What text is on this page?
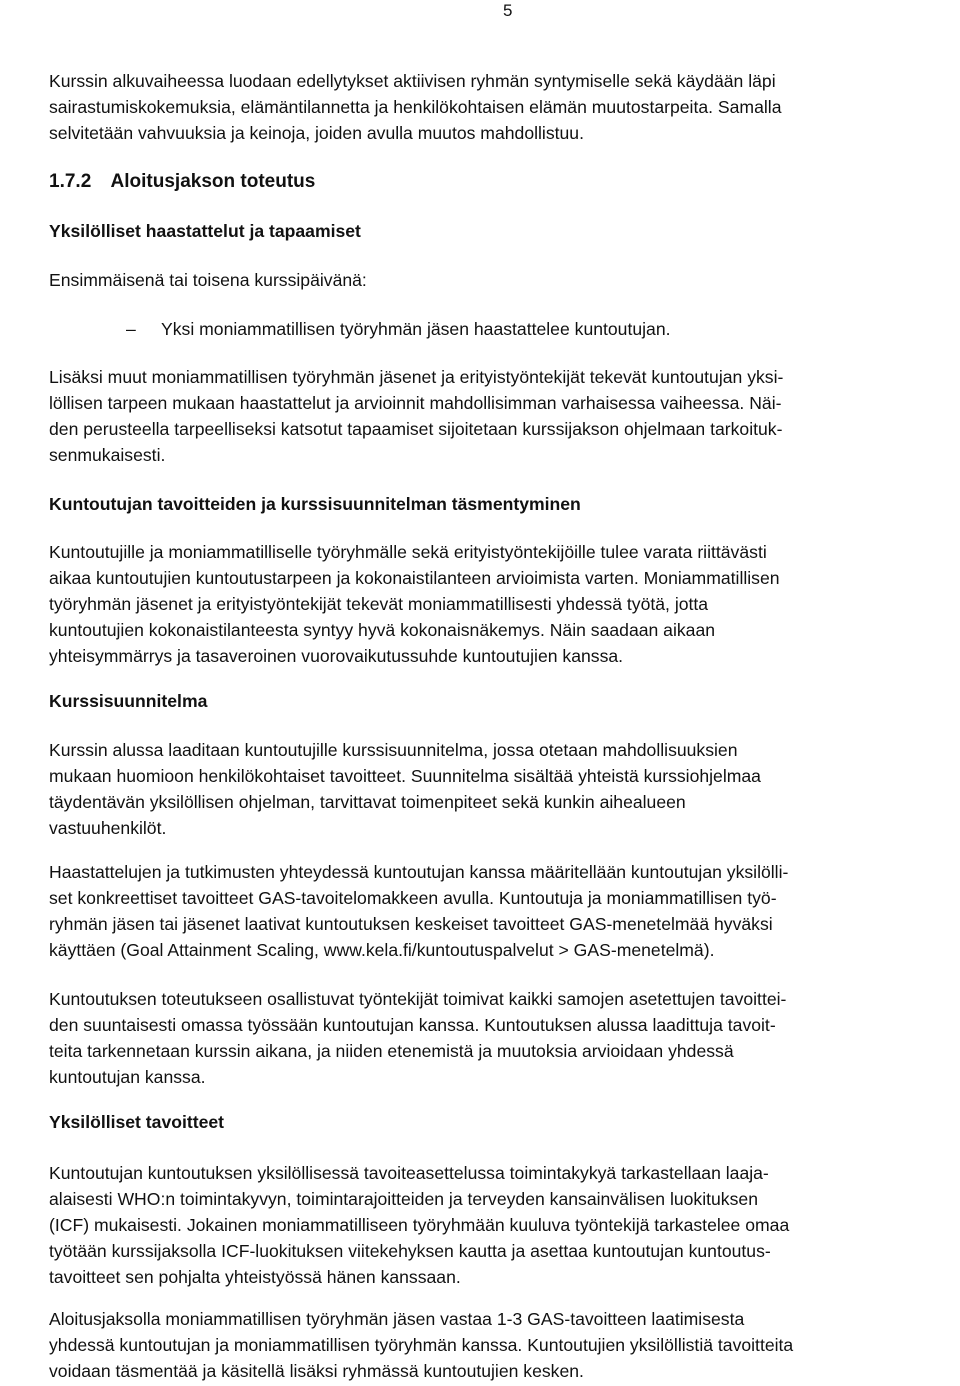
5
Kurssin alkuvaiheessa luodaan edellytykset aktiivisen ryhmän syntymiselle sekä käydään läpi
sairastumiskokemuksia, elämäntilannetta ja henkilökohtaisen elämän muutostarpeita. Samalla
selvitetään vahvuuksia ja keinoja, joiden avulla muutos mahdollistuu.
1.7.2 Aloitusjakson toteutus
Yksilölliset haastattelut ja tapaamiset
Ensimmäisenä tai toisena kurssipäivänä:
– Yksi moniammatillisen työryhmän jäsen haastattelee kuntoutujan.
Lisäksi muut moniammatillisen työryhmän jäsenet ja erityistyöntekijät tekevät kuntoutujan yksi-
löllisen tarpeen mukaan haastattelut ja arvioinnit mahdollisimman varhaisessa vaiheessa. Näi-
den perusteella tarpeelliseksi katsotut tapaamiset sijoitetaan kurssijakson ohjelmaan tarkoituk-
senmukaisesti.
Kuntoutujan tavoitteiden ja kurssisuunnitelman täsmentyminen
Kuntoutujille ja moniammatilliselle työryhmälle sekä erityistyöntekijöille tulee varata riittävästi
aikaa kuntoutujien kuntoutustarpeen ja kokonaistilanteen arvioimista varten. Moniammatillisen
työryhmän jäsenet ja erityistyöntekijät tekevät moniammatillisesti yhdessä työtä, jotta
kuntoutujien kokonaistilanteesta syntyy hyvä kokonaisnäkemys. Näin saadaan aikaan
yhteisymmärrys ja tasaveroinen vuorovaikutussuhde kuntoutujien kanssa.
Kurssisuunnitelma
Kurssin alussa laaditaan kuntoutujille kurssisuunnitelma, jossa otetaan mahdollisuuksien
mukaan huomioon henkilökohtaiset tavoitteet. Suunnitelma sisältää yhteistä kurssiohjelmaa
täydentävän yksilöllisen ohjelman, tarvittavat toimenpiteet sekä kunkin aihealueen
vastuuhenkilöt.
Haastattelujen ja tutkimusten yhteydessä kuntoutujan kanssa määritellään kuntoutujan yksilölli-
set konkreettiset tavoitteet GAS-tavoitelomakkeen avulla. Kuntoutuja ja moniammatillisen työ-
ryhmän jäsen tai jäsenet laativat kuntoutuksen keskeiset tavoitteet GAS-menetelmää hyväksi
käyttäen (Goal Attainment Scaling, www.kela.fi/kuntoutuspalvelut > GAS-menetelmä).
Kuntoutuksen toteutukseen osallistuvat työntekijät toimivat kaikki samojen asetettujen tavoittei-
den suuntaisesti omassa työssään kuntoutujan kanssa. Kuntoutuksen alussa laadittuja tavoit-
teita tarkennetaan kurssin aikana, ja niiden etenemistä ja muutoksia arvioidaan yhdessä
kuntoutujan kanssa.
Yksilölliset tavoitteet
Kuntoutujan kuntoutuksen yksilöllisessä tavoiteasettelussa toimintakykyä tarkastellaan laaja-
alaisesti WHO:n toimintakyvyn, toimintarajoitteiden ja terveyden kansainvälisen luokituksen
(ICF) mukaisesti. Jokainen moniammatilliseen työryhmään kuuluva työntekijä tarkastelee omaa
työtään kurssijaksolla ICF-luokituksen viitekehyksen kautta ja asettaa kuntoutujan kuntoutus-
tavoitteet sen pohjalta yhteistyössä hänen kanssaan.
Aloitusjaksolla moniammatillisen työryhmän jäsen vastaa 1-3 GAS-tavoitteen laatimisesta
yhdessä kuntoutujan ja moniammatillisen työryhmän kanssa. Kuntoutujien yksilöllistiä tavoitteita
voidaan täsmentää ja käsitellä lisäksi ryhmässä kuntoutujien kesken.
